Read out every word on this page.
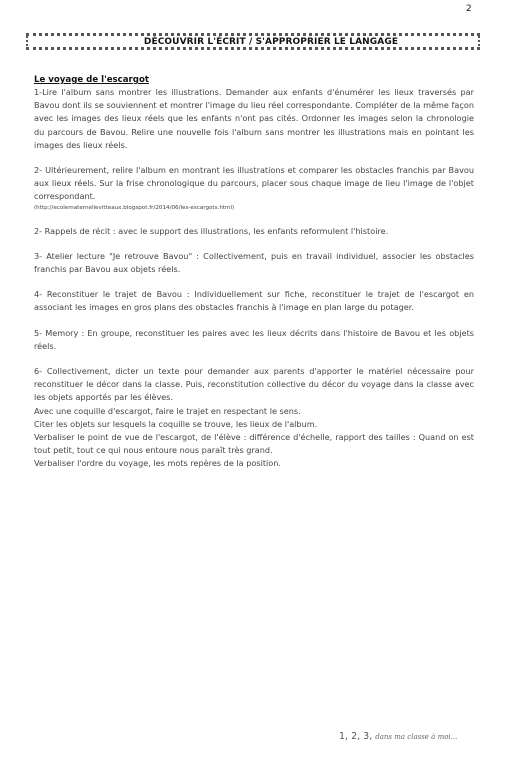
2
DÉCOUVRIR L'ÉCRIT / S'APPROPRIER LE LANGAGE

Le voyage de l'escargot

1-Lire l'album sans montrer les illustrations. Demander aux enfants d'énumérer les lieux traversés par Bavou dont ils se souviennent et montrer l'image du lieu réel correspondante. Compléter de la même façon avec les images des lieux réels que les enfants n'ont pas cités. Ordonner les images selon la chronologie du parcours de Bavou. Relire une nouvelle fois l'album sans montrer les illustrations mais en pointant les images des lieux réels.

2- Ultérieurement, relire l'album en montrant les illustrations et comparer les obstacles franchis par Bavou aux lieux réels. Sur la frise chronologique du parcours, placer sous chaque image de lieu l'image de l'objet correspondant.

(http://ecolematernellevitteaux.blogspot.fr/2014/06/les-escargots.html)

2- Rappels de récit : avec le support des illustrations, les enfants reformulent l'histoire.

3- Atelier lecture "Je retrouve Bavou" : Collectivement, puis en travail individuel, associer les obstacles franchis par Bavou aux objets réels.

4- Reconstituer le trajet de Bavou : Individuellement sur fiche, reconstituer le trajet de l'escargot en associant les images en gros plans des obstacles franchis à l'image en plan large du potager.

5- Memory : En groupe, reconstituer les paires avec les lieux décrits dans l'histoire de Bavou et les objets réels.

6- Collectivement, dicter un texte pour demander aux parents d'apporter le matériel nécessaire pour reconstituer le décor dans la classe. Puis, reconstitution collective du décor du voyage dans la classe avec les objets apportés par les élèves.

Avec une coquille d'escargot, faire le trajet en respectant le sens.

Citer les objets sur lesquels la coquille se trouve, les lieux de l'album.

Verbaliser le point de vue de l'escargot, de l'élève : différence d'échelle, rapport des tailles : Quand on est tout petit, tout ce qui nous entoure nous paraît très grand.

Verbaliser l'ordre du voyage, les mots repères de la position.

1, 2, 3, dans ma classe à moi...
